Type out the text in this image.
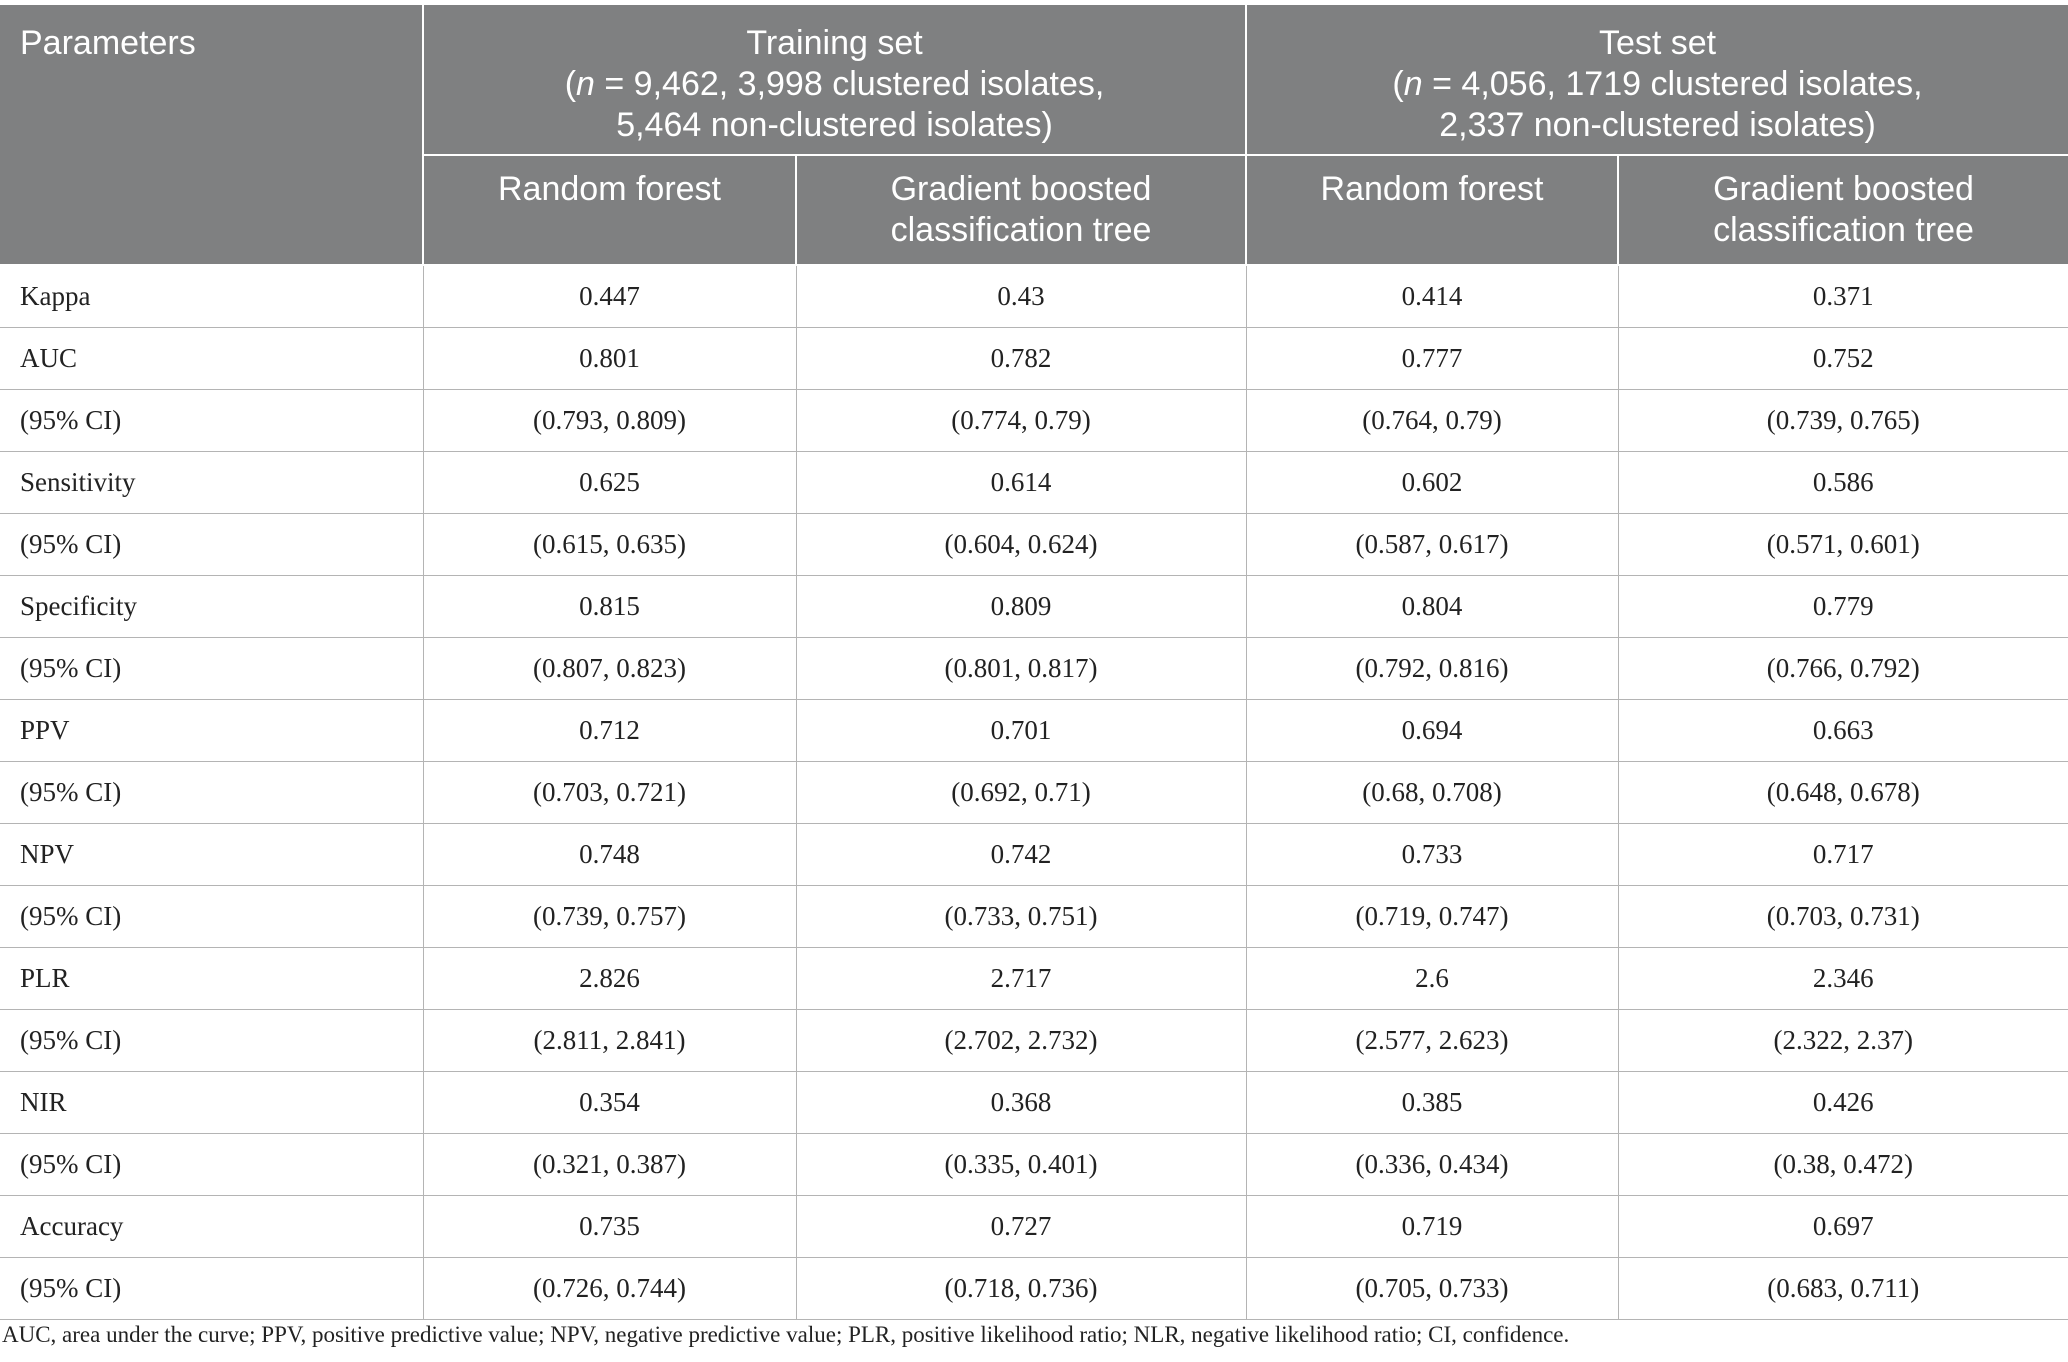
Parameters	Training set
(n = 9,462, 3,998 clustered isolates,
5,464 non-clustered isolates)		Test set
(n = 4,056, 1719 clustered isolates,
2,337 non-clustered isolates)	

	Random forest	Gradient boosted
classification tree	Random forest	Gradient boosted
classification tree

Kappa	0.447	0.43	0.414	0.371
AUC	0.801	0.782	0.777	0.752
(95% CI)	(0.793, 0.809)	(0.774, 0.79)	(0.764, 0.79)	(0.739, 0.765)
Sensitivity	0.625	0.614	0.602	0.586
(95% CI)	(0.615, 0.635)	(0.604, 0.624)	(0.587, 0.617)	(0.571, 0.601)
Specificity	0.815	0.809	0.804	0.779
(95% CI)	(0.807, 0.823)	(0.801, 0.817)	(0.792, 0.816)	(0.766, 0.792)
PPV	0.712	0.701	0.694	0.663
(95% CI)	(0.703, 0.721)	(0.692, 0.71)	(0.68, 0.708)	(0.648, 0.678)
NPV	0.748	0.742	0.733	0.717
(95% CI)	(0.739, 0.757)	(0.733, 0.751)	(0.719, 0.747)	(0.703, 0.731)
PLR	2.826	2.717	2.6	2.346
(95% CI)	(2.811, 2.841)	(2.702, 2.732)	(2.577, 2.623)	(2.322, 2.37)
NIR	0.354	0.368	0.385	0.426
(95% CI)	(0.321, 0.387)	(0.335, 0.401)	(0.336, 0.434)	(0.38, 0.472)
Accuracy	0.735	0.727	0.719	0.697
(95% CI)	(0.726, 0.744)	(0.718, 0.736)	(0.705, 0.733)	(0.683, 0.711)
AUC, area under the curve; PPV, positive predictive value; NPV, negative predictive value; PLR, positive likelihood ratio; NLR, negative likelihood ratio; CI, confidence.
